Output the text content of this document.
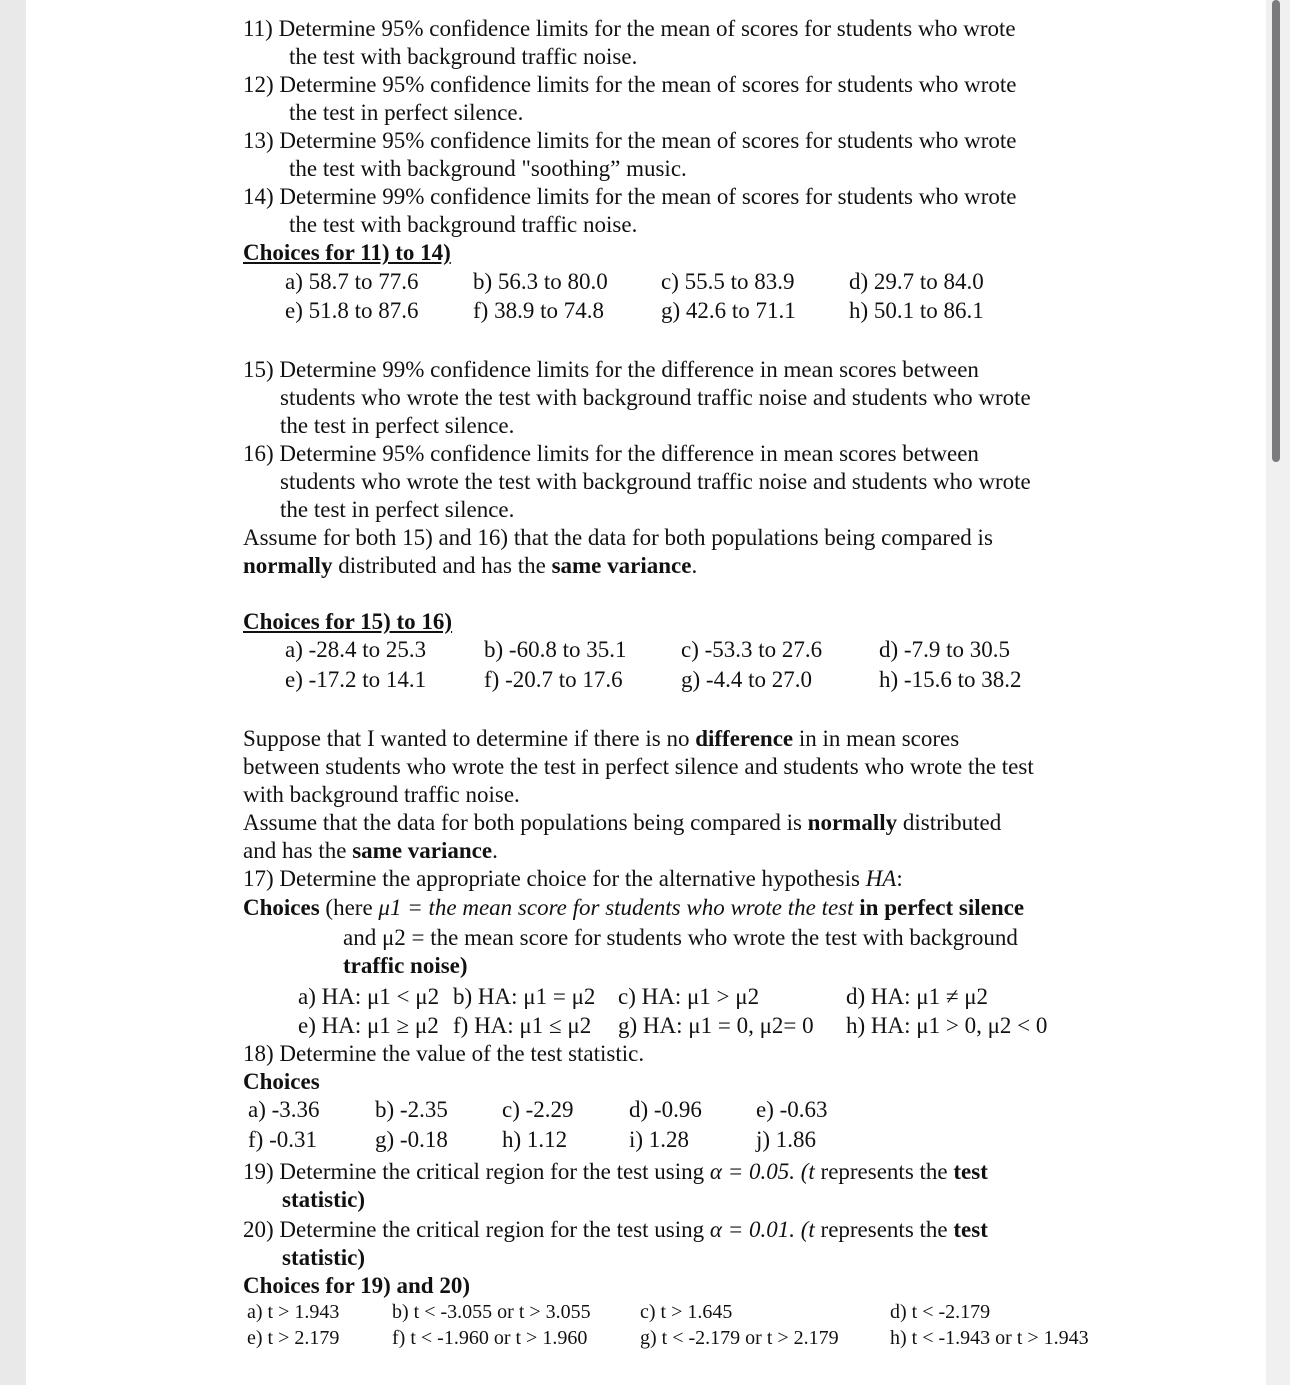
11) Determine 95% confidence limits for the mean of scores for students who wrote
the test with background traffic noise.
12) Determine 95% confidence limits for the mean of scores for students who wrote
the test in perfect silence.
13) Determine 95% confidence limits for the mean of scores for students who wrote
the test with background "soothing” music.
14) Determine 99% confidence limits for the mean of scores for students who wrote
the test with background traffic noise.
Choices for 11) to 14)
a) 58.7 to 77.6 b) 56.3 to 80.0 c) 55.5 to 83.9 d) 29.7 to 84.0
e) 51.8 to 87.6 f) 38.9 to 74.8 g) 42.6 to 71.1 h) 50.1 to 86.1
15) Determine 99% confidence limits for the difference in mean scores between
students who wrote the test with background traffic noise and students who wrote
the test in perfect silence.
16) Determine 95% confidence limits for the difference in mean scores between
students who wrote the test with background traffic noise and students who wrote
the test in perfect silence.
Assume for both 15) and 16) that the data for both populations being compared is
normally distributed and has the same variance.
Choices for 15) to 16)
a) -28.4 to 25.3	b) -60.8 to 35.1 c) -53.3 to 27.6 d) -7.9 to 30.5
e) -17.2 to 14.1	f) -20.7 to 17.6	g) -4.4 to 27.0	h) -15.6 to 38.2
Suppose that I wanted to determine if there is no difference in in mean scores
between students who wrote the test in perfect silence and students who wrote the test
with background traffic noise.
Assume that the data for both populations being compared is normally distributed
and has the same variance.
17) Determine the appropriate choice for the alternative hypothesis HA:
Choices (here μ1 = the mean score for students who wrote the test in perfect silence
and μ2 = the mean score for students who wrote the test with background
traffic noise)
a) HA: μ1 < μ2 b) HA: μ1 = μ2 c) HA: μ1 > μ2	d) HA: μ1 ≠ μ2
e) HA: μ1 ≥ μ2 f) HA: μ1 ≤ μ2 g) HA: μ1 = 0, μ2= 0 h) HA: μ1 > 0, μ2 < 0
18) Determine the value of the test statistic.
Choices
a) -3.36 b) -2.35 c) -2.29 d) -0.96 e) -0.63
f) -0.31	g) -0.18 h) 1.12	i) 1.28	j) 1.86
19) Determine the critical region for the test using α = 0.05. (t represents the test
statistic)
20) Determine the critical region for the test using α = 0.01. (t represents the test
statistic)
Choices for 19) and 20)
a) t > 1.943	b) t < -3.055 or t > 3.055 c) t > 1.645	d) t < -2.179
e) t > 2.179	f) t < -1.960 or t > 1.960	g) t < -2.179 or t > 2.179	h) t < -1.943 or t > 1.943
